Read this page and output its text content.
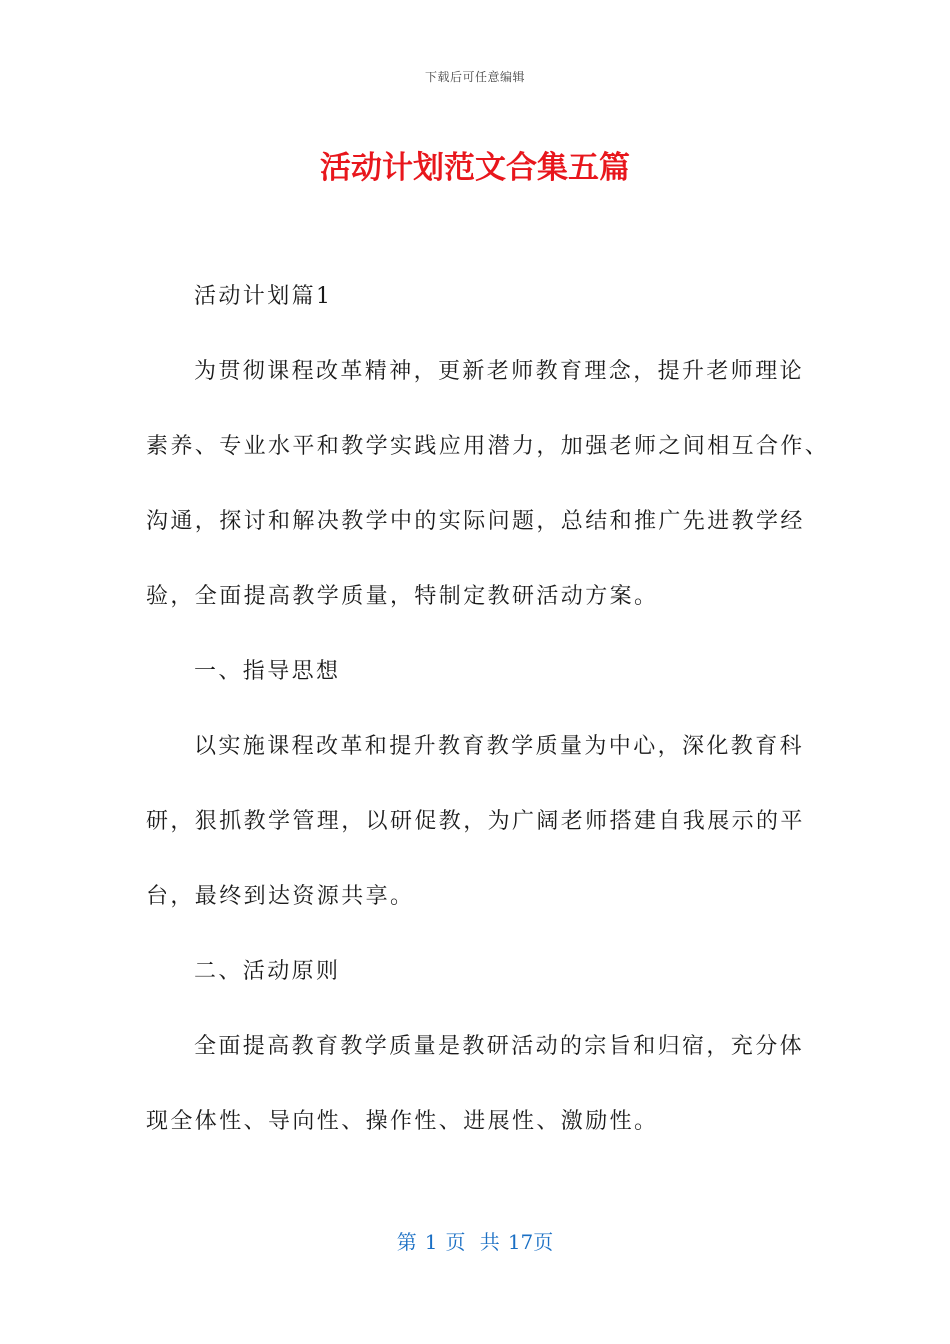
下载后可任意编辑
活动计划范文合集五篇
活动计划篇1
为贯彻课程改革精神，更新老师教育理念，提升老师理论
素养、专业水平和教学实践应用潜力，加强老师之间相互合作、
沟通，探讨和解决教学中的实际问题，总结和推广先进教学经
验，全面提高教学质量，特制定教研活动方案。
一、指导思想
以实施课程改革和提升教育教学质量为中心，深化教育科
研，狠抓教学管理，以研促教，为广阔老师搭建自我展示的平
台，最终到达资源共享。
二、活动原则
全面提高教育教学质量是教研活动的宗旨和归宿，充分体
现全体性、导向性、操作性、进展性、激励性。
第 1 页 共 17页
